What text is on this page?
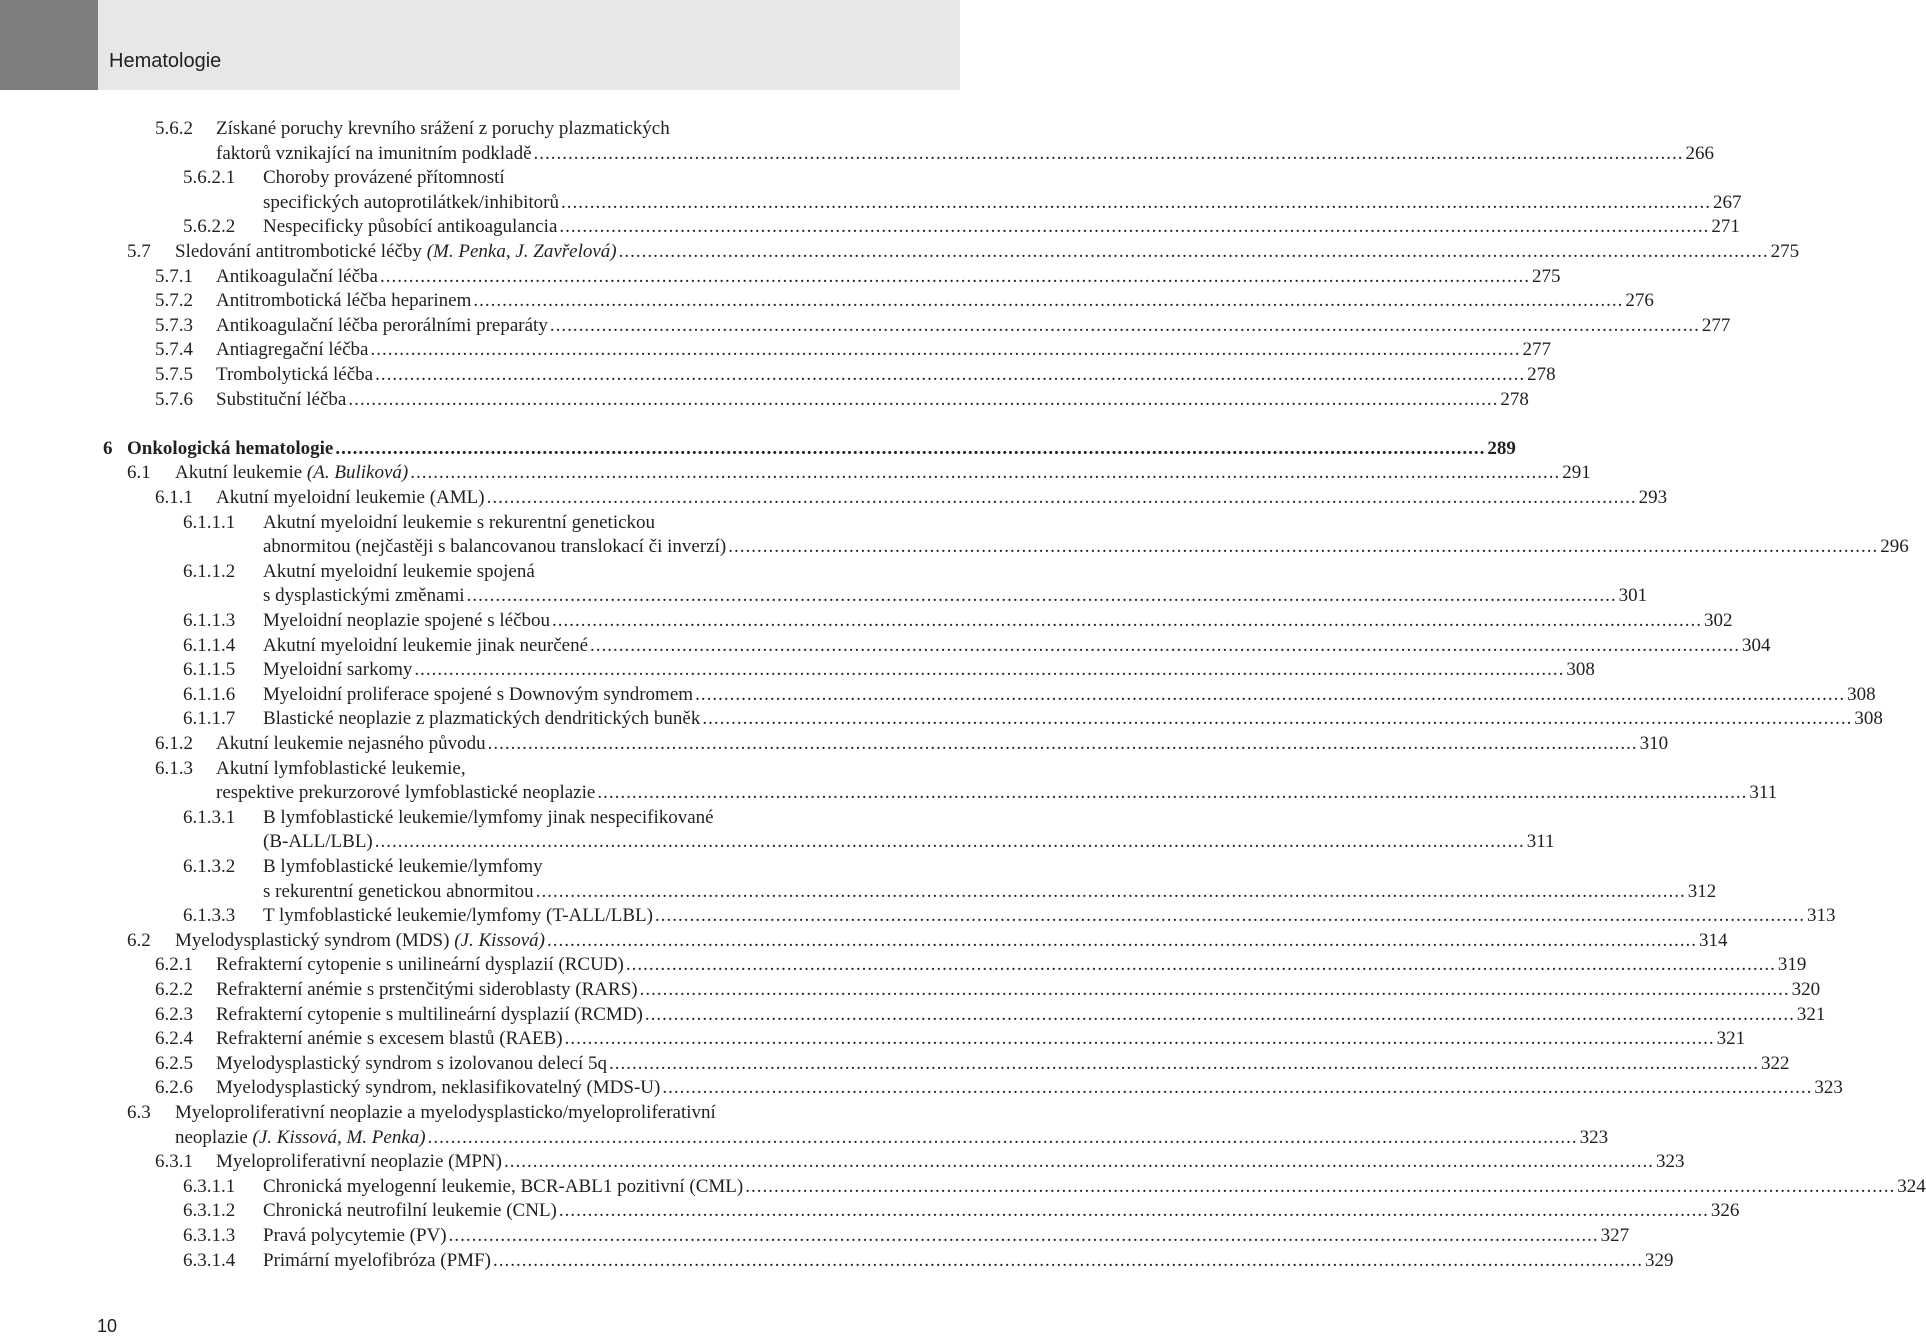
Hematologie
5.6.2 Získané poruchy krevního srážení z poruchy plazmatických
faktorů vznikající na imunitním podkladě ........................................................................................................................................................................................................ 266
5.6.2.1 Choroby provázené přítomností
specifických autoprotilátkek/inhibitorů ........................................................................................................................................................................................................ 267
5.6.2.2 Nespecificky působící antikoagulancia ........................................................................................................................................................................................................ 271
5.7 Sledování antitrombotické léčby
(M. Penka, J. Zavřelová) ........................................................................................................................................................................................................ 275
5.7.1 Antikoagulační léčba ........................................................................................................................................................................................................ 275
5.7.2 Antitrombotická léčba heparinem ........................................................................................................................................................................................................ 276
5.7.3 Antikoagulační léčba perorálními preparáty ........................................................................................................................................................................................................ 277
5.7.4 Antiagregační léčba ........................................................................................................................................................................................................ 277
5.7.5 Trombolytická léčba ........................................................................................................................................................................................................ 278
5.7.6 Substituční léčba ........................................................................................................................................................................................................ 278
6 Onkologická hematologie ........................................................................................................................................................................................................ 289
6.1 Akutní leukemie
(A. Buliková) ........................................................................................................................................................................................................ 291
6.1.1 Akutní myeloidní leukemie (AML) ........................................................................................................................................................................................................ 293
6.1.1.1 Akutní myeloidní leukemie s rekurentní genetickou
abnormitou (nejčastěji s balancovanou translokací či inverzí) ........................................................................................................................................................................................................ 296
6.1.1.2 Akutní myeloidní leukemie spojená
s dysplastickými změnami ........................................................................................................................................................................................................ 301
6.1.1.3 Myeloidní neoplazie spojené s léčbou ........................................................................................................................................................................................................ 302
6.1.1.4 Akutní myeloidní leukemie jinak neurčené ........................................................................................................................................................................................................ 304
6.1.1.5 Myeloidní sarkomy ........................................................................................................................................................................................................ 308
6.1.1.6 Myeloidní proliferace spojené s Downovým syndromem ........................................................................................................................................................................................................ 308
6.1.1.7 Blastické neoplazie z plazmatických dendritických buněk ........................................................................................................................................................................................................ 308
6.1.2 Akutní leukemie nejasného původu ........................................................................................................................................................................................................ 310
6.1.3 Akutní lymfoblastické leukemie,
respektive prekurzorové lymfoblastické neoplazie ........................................................................................................................................................................................................ 311
6.1.3.1 B lymfoblastické leukemie/lymfomy jinak nespecifikované
(B-ALL/LBL) ........................................................................................................................................................................................................ 311
6.1.3.2 B lymfoblastické leukemie/lymfomy
s rekurentní genetickou abnormitou ........................................................................................................................................................................................................ 312
6.1.3.3 T lymfoblastické leukemie/lymfomy (T-ALL/LBL) ........................................................................................................................................................................................................ 313
6.2 Myelodysplastický syndrom (MDS)
(J. Kissová) ........................................................................................................................................................................................................ 314
6.2.1 Refrakterní cytopenie s unilineární dysplazií (RCUD) ........................................................................................................................................................................................................ 319
6.2.2 Refrakterní anémie s prstenčitými sideroblasty (RARS) ........................................................................................................................................................................................................ 320
6.2.3 Refrakterní cytopenie s multilineární dysplazií (RCMD) ........................................................................................................................................................................................................ 321
6.2.4 Refrakterní anémie s excesem blastů (RAEB) ........................................................................................................................................................................................................ 321
6.2.5 Myelodysplastický syndrom s izolovanou delecí 5q ........................................................................................................................................................................................................ 322
6.2.6 Myelodysplastický syndrom, neklasifikovatelný (MDS-U) ........................................................................................................................................................................................................ 323
6.3 Myeloproliferativní neoplazie a myelodysplasticko/myeloproliferativní
neoplazie
(J. Kissová, M. Penka) ........................................................................................................................................................................................................ 323
6.3.1 Myeloproliferativní neoplazie (MPN) ........................................................................................................................................................................................................ 323
6.3.1.1 Chronická myelogenní leukemie, BCR-ABL1 pozitivní (CML) ........................................................................................................................................................................................................ 324
6.3.1.2 Chronická neutrofilní leukemie (CNL) ........................................................................................................................................................................................................ 326
6.3.1.3 Pravá polycytemie (PV) ........................................................................................................................................................................................................ 327
6.3.1.4 Primární myelofibróza (PMF) ........................................................................................................................................................................................................ 329
10
